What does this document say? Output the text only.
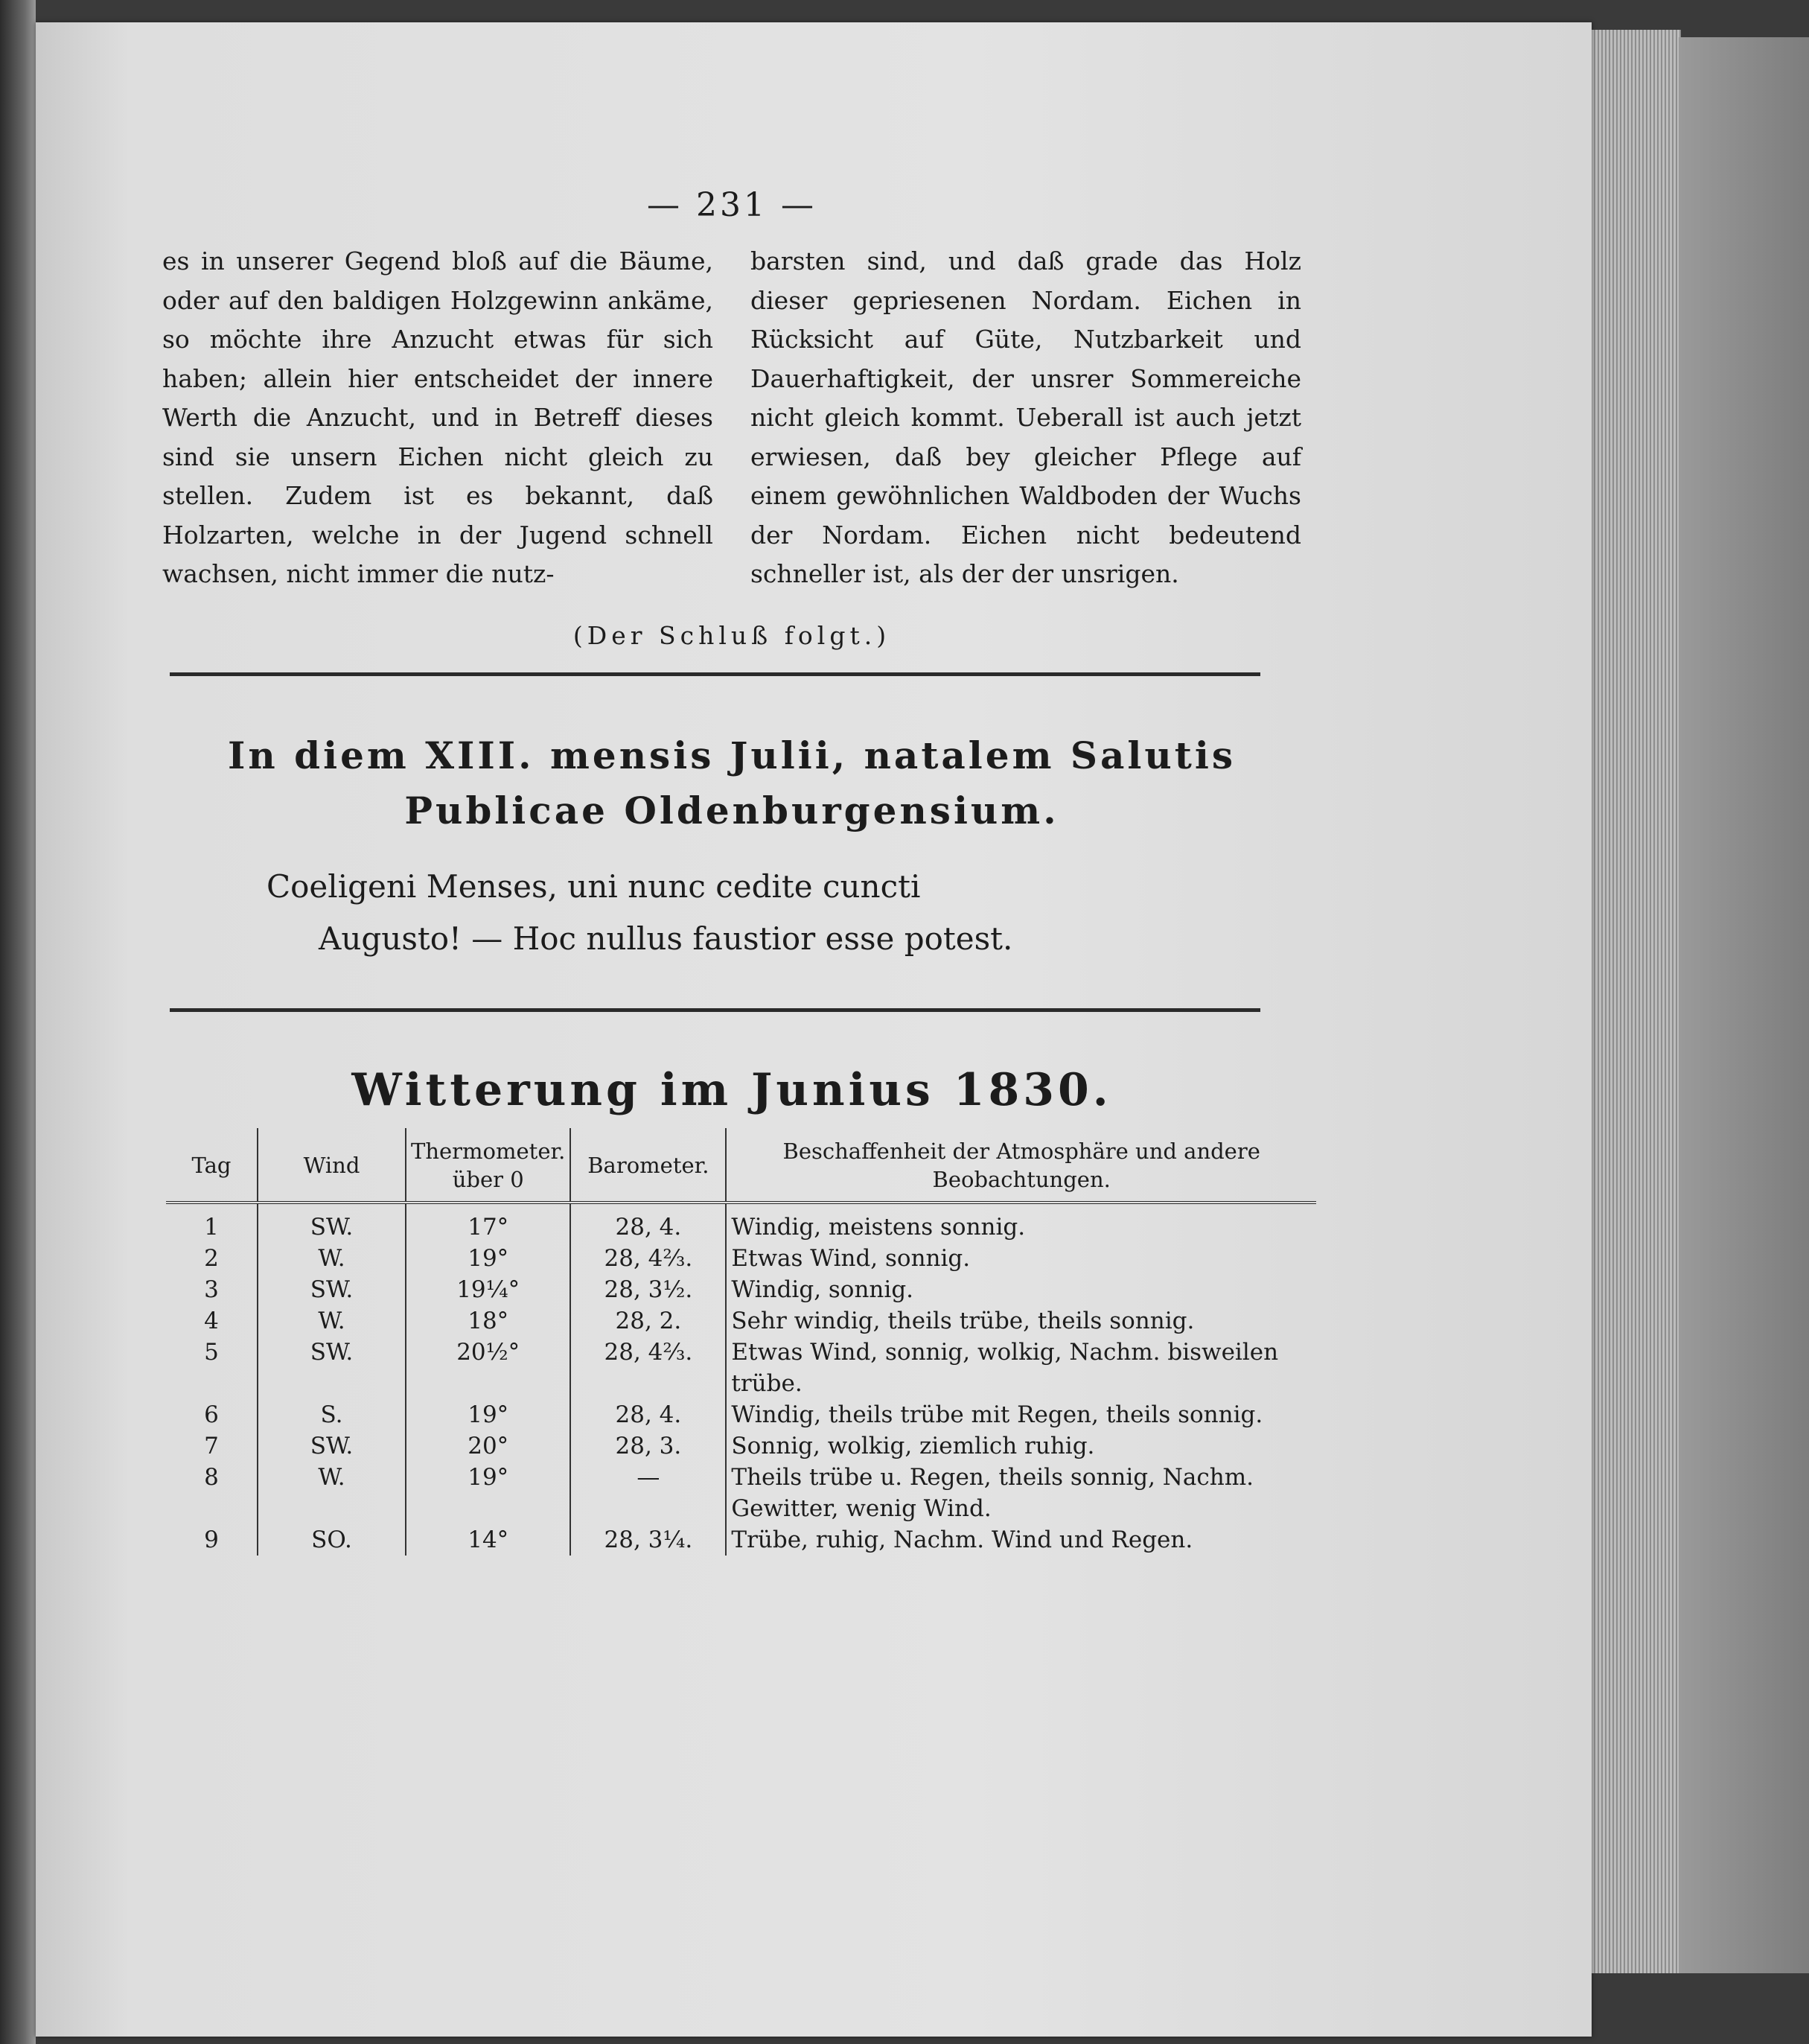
— 231 —

es in unserer Gegend bloß auf die Bäume, oder auf den baldigen Holzgewinn ankäme, so möchte ihre Anzucht etwas für sich haben; allein hier entscheidet der innere Werth die Anzucht, und in Betreff dieses sind sie unsern Eichen nicht gleich zu stellen. Zudem ist es bekannt, daß Holzarten, welche in der Jugend schnell wachsen, nicht immer die nutz-

barsten sind, und daß grade das Holz dieser gepriesenen Nordam. Eichen in Rücksicht auf Güte, Nutzbarkeit und Dauerhaftigkeit, der unsrer Sommereiche nicht gleich kommt. Ueberall ist auch jetzt erwiesen, daß bey gleicher Pflege auf einem gewöhnlichen Waldboden der Wuchs der Nordam. Eichen nicht bedeutend schneller ist, als der der unsrigen.

(Der Schluß folgt.)
In diem XIII. mensis Julii, natalem Salutis Publicae Oldenburgensium.
Coeligeni Menses, uni nunc cedite cuncti
Augusto! — Hoc nullus faustior esse potest.
Witterung im Junius 1830.
Tag	Wind	Thermometer. über 0	Barometer.	Beschaffenheit der Atmosphäre und andere Beobachtungen.
1	SW.	17°	28, 4.	Windig, meistens sonnig.
2	W.	19°	28, 4⅔.	Etwas Wind, sonnig.
3	SW.	19¼°	28, 3½.	Windig, sonnig.
4	W.	18°	28, 2.	Sehr windig, theils trübe, theils sonnig.
5	SW.	20½°	28, 4⅔.	Etwas Wind, sonnig, wolkig, Nachm. bisweilen trübe.
6	S.	19°	28, 4.	Windig, theils trübe mit Regen, theils sonnig.
7	SW.	20°	28, 3.	Sonnig, wolkig, ziemlich ruhig.
8	W.	19°	—	Theils trübe u. Regen, theils sonnig, Nachm. Gewitter, wenig Wind.
9	SO.	14°	28, 3¼.	Trübe, ruhig, Nachm. Wind und Regen.
